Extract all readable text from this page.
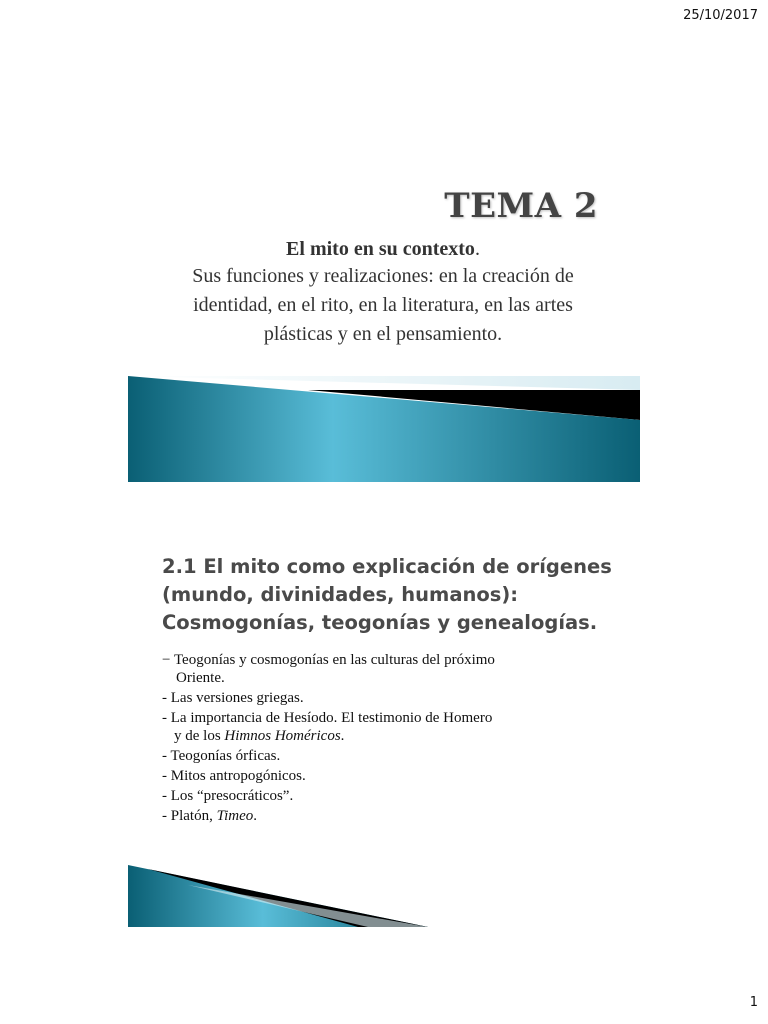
25/10/2017
TEMA 2
El mito en su contexto.
Sus funciones y realizaciones: en la creación de identidad, en el rito, en la literatura, en las artes plásticas y en el pensamiento.
2.1 El mito como explicación de orígenes
(mundo, divinidades, humanos):
Cosmogonías, teogonías y genealogías.
− Teogonías y cosmogonías en las culturas del próximo
Oriente.
- Las versiones griegas.
- La importancia de Hesíodo. El testimonio de Homero
y de los Himnos Homéricos.
- Teogonías órficas.
- Mitos antropogónicos.
- Los “presocráticos”.
- Platón, Timeo.
1
